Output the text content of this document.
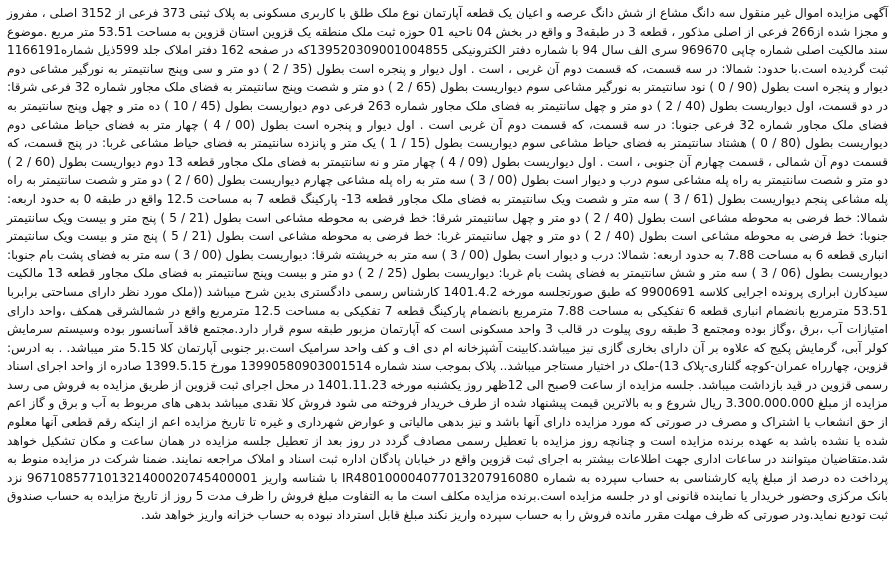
آگهی مزایده اموال غیر منقول سه دانگ مشاع از شش دانگ عرصه و اعیان یک قطعه آپارتمان نوع ملک طلق با کاربری مسکونی به پلاک ثبتی 373 فرعی از 3152 اصلی ، مفروز و مجزا شده از266 فرعی از اصلی مذکور ، قطعه 3 در طبقه3 و واقع در بخش 04 ناحیه 01 حوزه ثبت ملک منطقه یک قزوین استان قزوین به مساحت 53.51 متر مربع .موضوع سند مالکیت اصلی شماره چاپی 969670 سری الف سال 94 با شماره دفتر الکترونیکی 139520309001004855که در صفحه 162 دفتر املاک جلد 599ذیل شماره1166191 ثبت گردیده است.با حدود: شمالا: در سه قسمت، که قسمت دوم آن غربی ، است . اول دیوار و پنجره است بطول (35 / 2 ) دو متر و سی وپنج سانتیمتر به نورگیر مشاعی دوم دیوار و پنجره است بطول (90 / 0 ) نود سانتیمتر به نورگیر مشاعی سوم دیواریست بطول (65 / 2 ) دو متر و شصت وپنج سانتیمتر به فضای ملک مجاور شماره 32 فرعی شرقا: در دو قسمت، اول دیواریست بطول (40 / 2 ) دو متر و چهل سانتیمتر به فضای ملک مجاور شماره 263 فرعی دوم دیواریست بطول (45 / 10 ) ده متر و چهل وپنج سانتیمتر به فضای ملک مجاور شماره 32 فرعی جنوبا: در سه قسمت، که قسمت دوم آن غربی است . اول دیوار و پنجره است بطول (00 / 4 ) چهار متر به فضای حیاط مشاعی دوم دیواریست بطول (80 / 0 ) هشتاد سانتیمتر به فضای حیاط مشاعی سوم دیواریست بطول (15 / 1 ) یک متر و پانزده سانتیمتر به فضای حیاط مشاعی غربا: در پنج قسمت، که قسمت دوم آن شمالی ، قسمت چهارم آن جنوبی ، است . اول دیواریست بطول (09 / 4 ) چهار متر و نه سانتیمتر به فضای ملک مجاور قطعه 13 دوم دیواریست بطول (60 / 2 ) دو متر و شصت سانتیمتر به راه پله مشاعی سوم درب و دیوار است بطول (00 / 3 ) سه متر به راه پله مشاعی چهارم دیواریست بطول (60 / 2 ) دو متر و شصت سانتیمتر به راه پله مشاعی پنجم دیواریست بطول (61 / 3 ) سه متر و شصت ویک سانتیمتر به فضای ملک مجاور قطعه 13- پارکینگ قطعه 7 به مساحت 12.5 واقع در طبقه 0 به حدود اربعه: شمالا: خط فرضی به محوطه مشاعی است بطول (40 / 2 ) دو متر و چهل سانتیمتر شرقا: خط فرضی به محوطه مشاعی است بطول (21 / 5 ) پنج متر و بیست ویک سانتیمتر جنوبا: خط فرضی به محوطه مشاعی است بطول (40 / 2 ) دو متر و چهل سانتیمتر غربا: خط فرضی به محوطه مشاعی است بطول (21 / 5 ) پنج متر و بیست ویک سانتیمتر انباری قطعه 6 به مساحت 7.88 به حدود اربعه: شمالا: درب و دیوار است بطول (00 / 3 ) سه متر به خرپشته شرقا: دیواریست بطول (00 / 3 ) سه متر به فضای پشت بام جنوبا: دیواریست بطول (06 / 3 ) سه متر و شش سانتیمتر به فضای پشت بام غربا: دیواریست بطول (25 / 2 ) دو متر و بیست وپنج سانتیمتر به فضای ملک مجاور قطعه 13 مالکیت سیدکارن ابراری پرونده اجرایی کلاسه 9900691 که طبق صورتجلسه مورخه 1401.4.2 کارشناس رسمی دادگستری بدین شرح میباشد ((ملک مورد نظر دارای مساحتی برابربا 53.51 مترمربع بانضمام انباری قطعه 6 تفکیکی به مساحت 7.88 مترمربع بانضمام پارکینگ قطعه 7 تفکیکی به مساحت 12.5 مترمربع واقع در شمالشرقی همکف ،واحد دارای امتیازات آب ،برق ،وگاز بوده ومجتمع 3 طبقه روی پیلوت در قالب 3 واحد مسکونی است که آپارتمان مزبور طبقه سوم قرار دارد.مجتمع فاقد آسانسور بوده وسیستم سرمایش کولر آبی، گرمایش پکیج که علاوه بر آن دارای بخاری گازی نیز میباشد.کابینت آشپزخانه ام دی اف و کف واحد سرامیک است.بر جنوبی آپارتمان کلا 5.15 متر میباشد. . به ادرس: قزوین، چهارراه عمران-کوچه گلناری-پلاک 13)-ملک در اختیار مستاجر میباشد.. پلاک بموجب سند شماره 13990580903001514 مورخ 1399.5.15 صادره از واحد اجرای اسناد رسمی قزوین در قید بازداشت میباشد. جلسه مزایده از ساعت 9صبح الی 12ظهر روز یکشنبه مورخه 1401.11.23 در محل اجرای ثبت قزوین از طریق مزایده به فروش می رسد مزایده از مبلغ 3.300.000.000 ریال شروع و به بالاترین قیمت پیشنهاد شده از طرف خریدار فروخته می شود فروش کلا نقدی میباشد بدهی های مربوط به آب و برق و گاز اعم از حق انشعاب یا اشتراک و مصرف در صورتی که مورد مزایده دارای آنها باشد و نیز بدهی مالیاتی و عوارض شهرداری و غیره تا تاریخ مزایده اعم از اینکه رقم قطعی آنها معلوم شده یا نشده باشد به عهده برنده مزایده است و چنانچه روز مزایده با تعطیل رسمی مصادف گردد در روز بعد از تعطیل جلسه مزایده در همان ساعت و مکان تشکیل خواهد شد.متقاضیان میتوانند در ساعات اداری جهت اطلاعات بیشتر به اجرای ثبت قزوین واقع در خیابان پادگان اداره ثبت اسناد و املاک مراجعه نمایند. ضمنا شرکت در مزایده منوط به پرداخت ده درصد از مبلغ پایه کارشناسی به حساب سپرده به شماره IR480100004077013207916080 با شناسه واریز 967108577101321400020745400001 نزد بانک مرکزی وحضور خریدار یا نماینده قانونی او در جلسه مزایده است.برنده مزایده مکلف است ما به التفاوت مبلغ فروش را ظرف مدت 5 روز از تاریخ مزایده به حساب صندوق ثبت تودیع نماید.ودر صورتی که ظرف مهلت مقرر مانده فروش را به حساب سپرده واریز نکند مبلغ قابل استرداد نبوده به حساب خزانه واریز خواهد شد.
